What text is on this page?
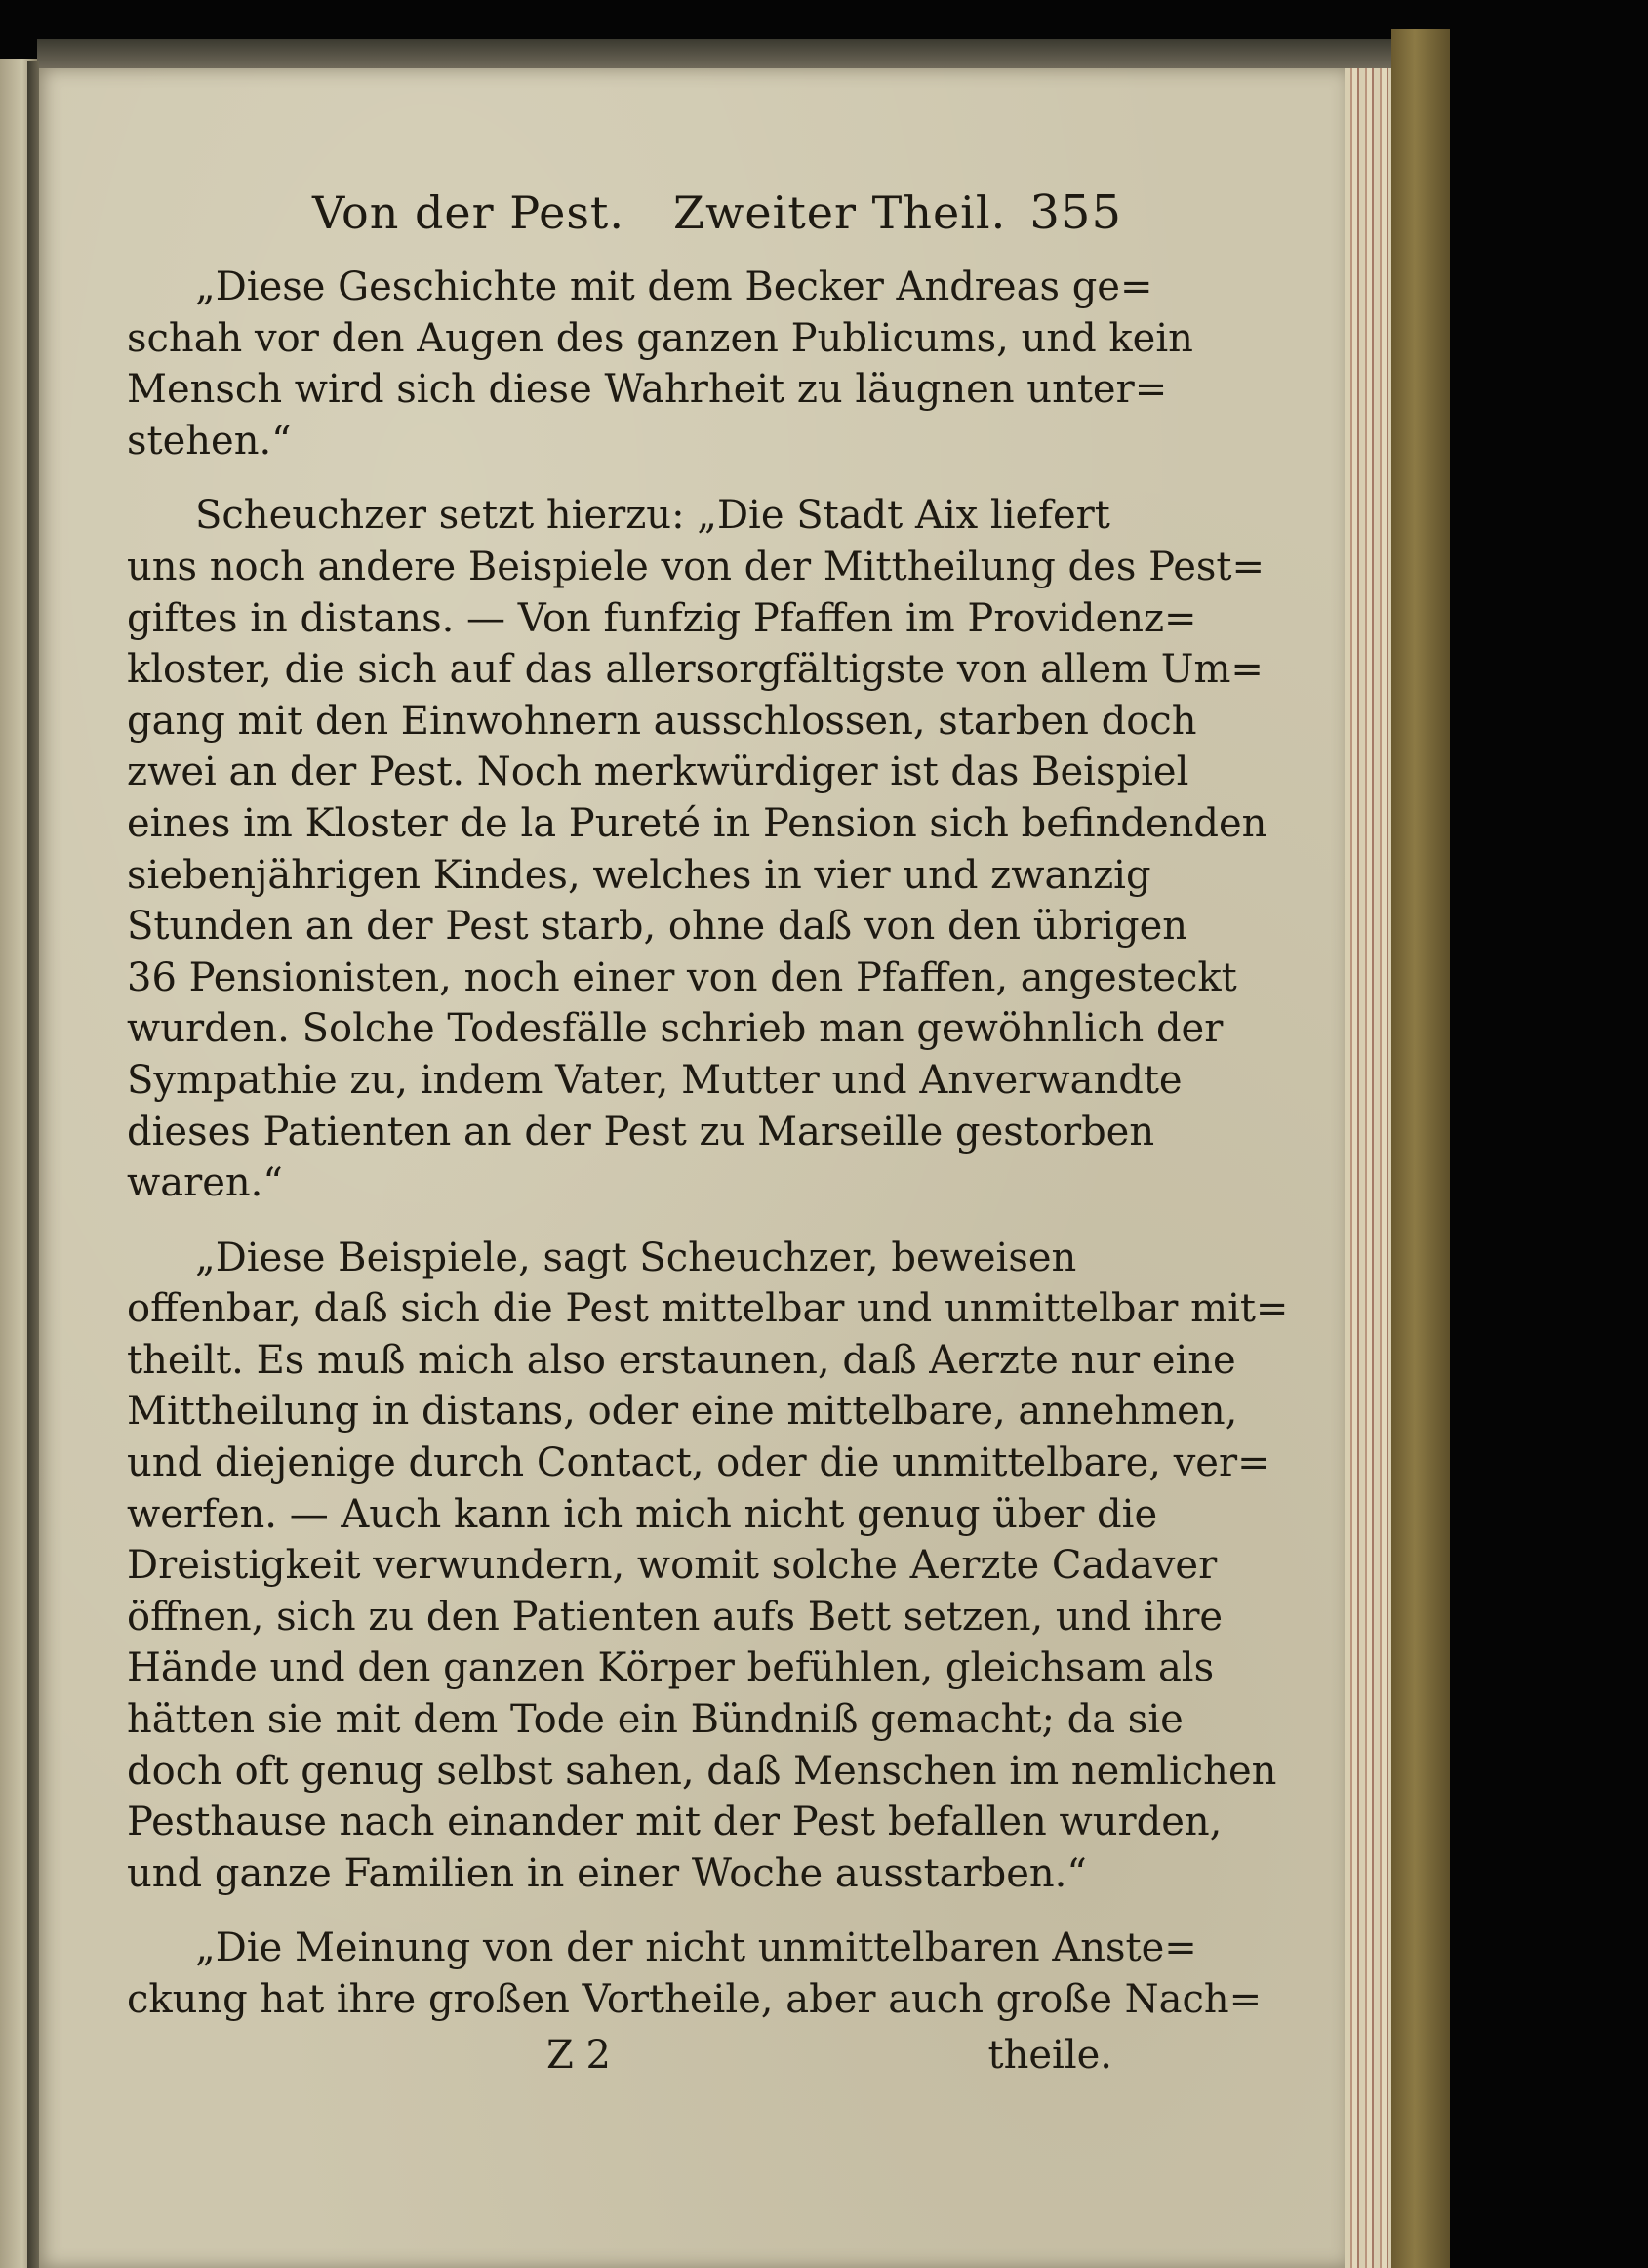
Von der Pest. Zweiter Theil. 355

„Diese Geschichte mit dem Becker Andreas ge=
schah vor den Augen des ganzen Publicums, und kein
Mensch wird sich diese Wahrheit zu läugnen unter=
stehen.“

Scheuchzer setzt hierzu: „Die Stadt Aix liefert
uns noch andere Beispiele von der Mittheilung des Pest=
giftes in distans. — Von funfzig Pfaffen im Providenz=
kloster, die sich auf das allersorgfältigste von allem Um=
gang mit den Einwohnern ausschlossen, starben doch
zwei an der Pest. Noch merkwürdiger ist das Beispiel
eines im Kloster de la Pureté in Pension sich befindenden
siebenjährigen Kindes, welches in vier und zwanzig
Stunden an der Pest starb, ohne daß von den übrigen
36 Pensionisten, noch einer von den Pfaffen, angesteckt
wurden. Solche Todesfälle schrieb man gewöhnlich der
Sympathie zu, indem Vater, Mutter und Anverwandte
dieses Patienten an der Pest zu Marseille gestorben
waren.“

„Diese Beispiele, sagt Scheuchzer, beweisen
offenbar, daß sich die Pest mittelbar und unmittelbar mit=
theilt. Es muß mich also erstaunen, daß Aerzte nur eine
Mittheilung in distans, oder eine mittelbare, annehmen,
und diejenige durch Contact, oder die unmittelbare, ver=
werfen. — Auch kann ich mich nicht genug über die
Dreistigkeit verwundern, womit solche Aerzte Cadaver
öffnen, sich zu den Patienten aufs Bett setzen, und ihre
Hände und den ganzen Körper befühlen, gleichsam als
hätten sie mit dem Tode ein Bündniß gemacht; da sie
doch oft genug selbst sahen, daß Menschen im nemlichen
Pesthause nach einander mit der Pest befallen wurden,
und ganze Familien in einer Woche ausstarben.“

„Die Meinung von der nicht unmittelbaren Anste=
ckung hat ihre großen Vortheile, aber auch große Nach=

Z 2	theile.
